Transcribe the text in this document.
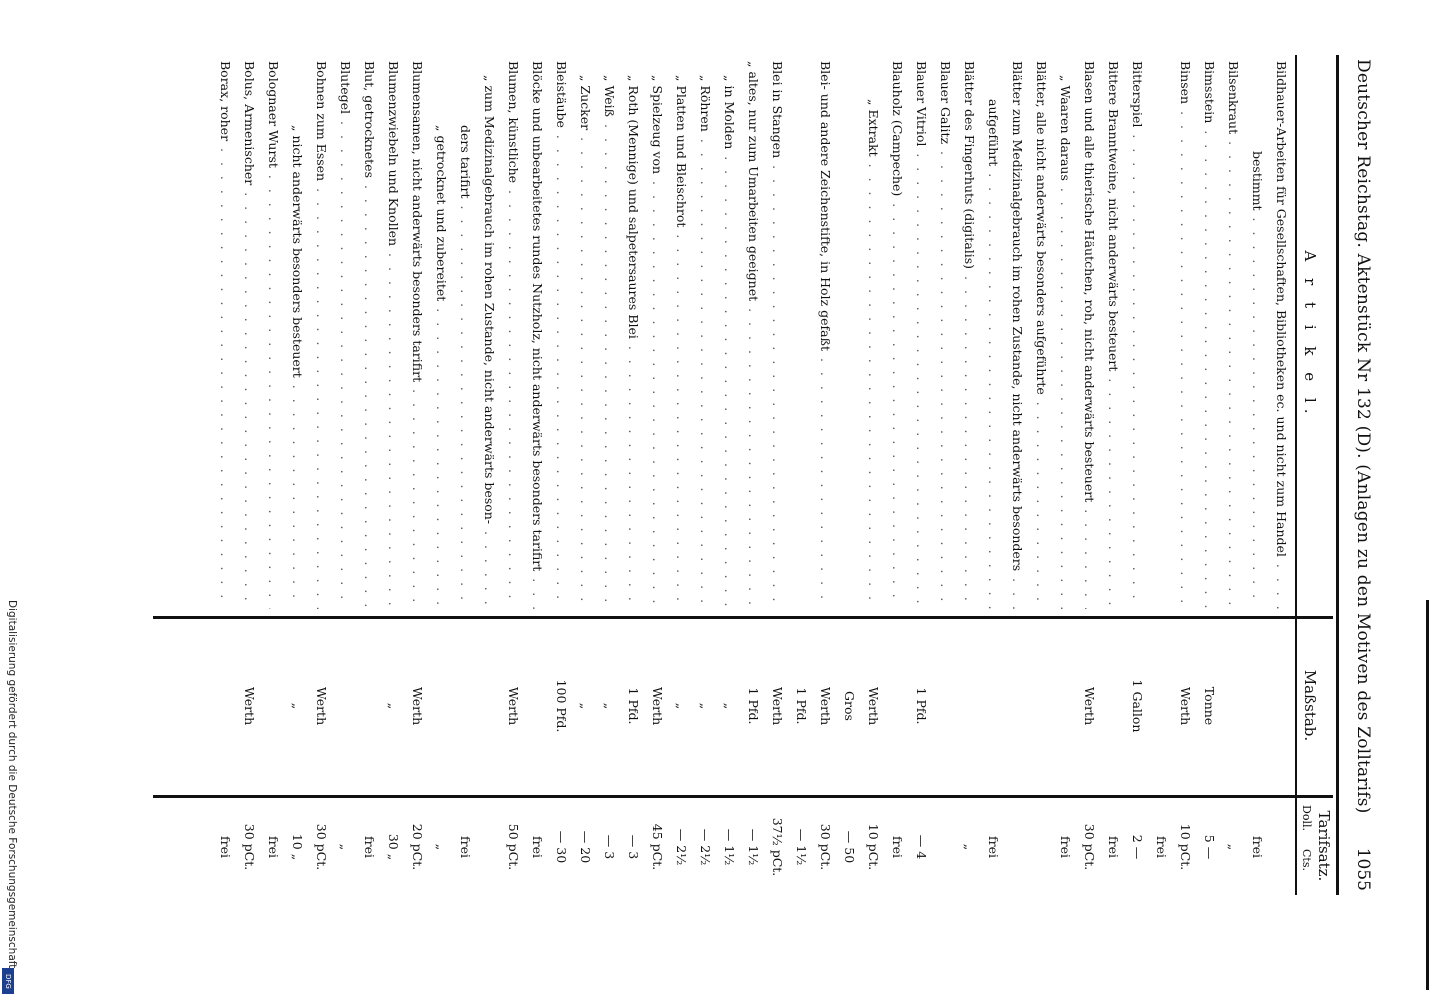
Deutscher Reichstag. Aktenstück Nr 132 (D). (Anlagen zu den Motiven des Zolltarifs)
1055
A r t i k e l.
Maßstab.
Tarifsatz.
Doll.
Cts.
Bildhauer-Arbeiten für Gesellschaften, Bibliotheken ec. und nicht zum Handel . . .
bestimmt . . .
frei
Bilsenkraut . . .
„
Bimsstein . . .
Tonne
5 —
Binsen . . .
Werth
10 pCt.
frei
Bitterspiel . . .
1 Gallon
2 —
Bittere Branntweine, nicht anderwärts besteuert . . .
frei
Blasen und alle thierische Häutchen, roh, nicht anderwärts besteuert . . .
Werth
30 pCt.
„ Waaren daraus . . .
frei
Blätter, alle nicht anderwärts besonders aufgeführte . . .
Blätter zum Medizinalgebrauch im rohen Zustande, nicht anderwärts besonders . . .
aufgeführt . . .
frei
Blätter des Fingerhuts (digitalis) . . .
„
Blauer Galitz . . .
Blauer Vitriol . . .
1 Pfd.
— 4
Blauholz (Campeche) . . .
frei
„ Extrakt . . .
Werth
10 pCt.
Gros
— 50
Blei- und andere Zeichenstifte, in Holz gefaßt . . .
Werth
30 pCt.
1 Pfd.
— 1½
Blei in Stangen . . .
Werth
37½ pCt.
„ altes, nur zum Umarbeiten geeignet . . .
1 Pfd.
— 1½
„ in Molden . . .
„
— 1½
„ Röhren . . .
„
— 2½
„ Platten und Bleischrot . . .
„
— 2½
„ Spielzeug von . . .
Werth
45 pCt.
„ Roth (Mennige) und salpetersaures Blei . . .
1 Pfd.
— 3
„ Weiß . . .
„
— 3
„ Zucker . . .
„
— 20
Bleistäube . . .
100 Pfd.
— 30
Blöcke und unbearbeitetes rundes Nutzholz, nicht anderwärts besonders tarifirt . . .
frei
Blumen, künstliche . . .
Werth
50 pCt.
„ zum Medizinalgebrauch im rohen Zustande, nicht anderwärts beson- . . .
ders tarifirt . . .
frei
„ getrocknet und zubereitet . . .
„
Blumensamen, nicht anderwärts besonders tarifirt . . .
Werth
20 pCt.
Blumenzwiebeln und Knollen . . .
„
30 „
Blut, getrocknetes . . .
frei
Blutegel . . .
„
Bohnen zum Essen . . .
Werth
30 pCt.
„ nicht anderwärts besonders besteuert . . .
„
10 „
Bolognaer Wurst . . .
frei
Bolus, Armenischer . . .
Werth
30 pCt.
Borax, roher . . .
frei
Digitalisierung gefördert durch die Deutsche Forschungsgemeinschaft
DFG
